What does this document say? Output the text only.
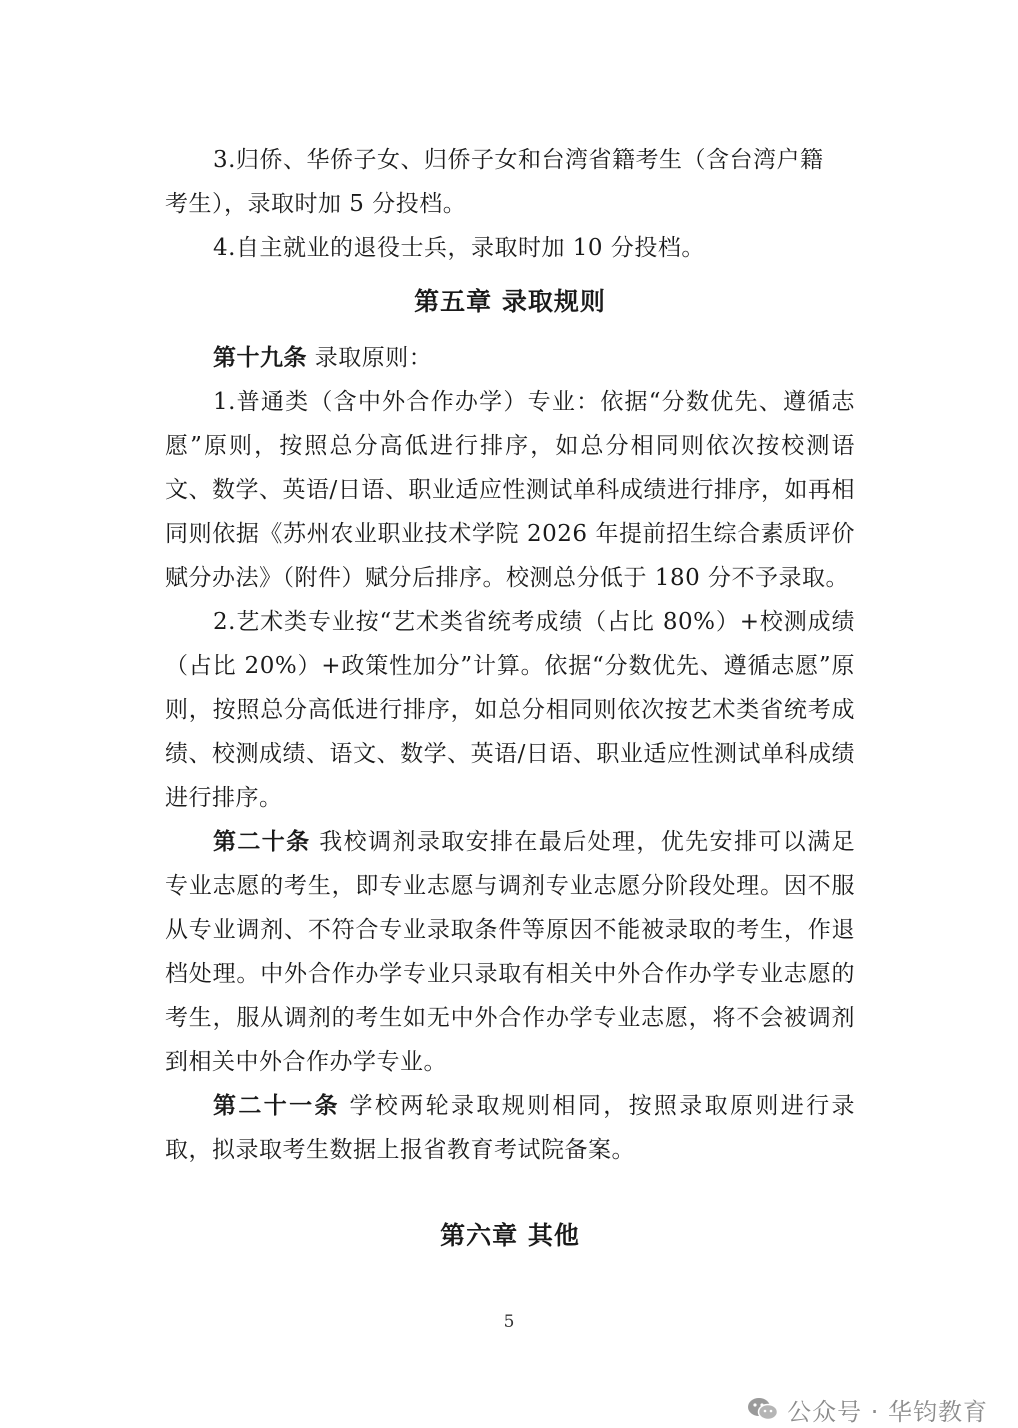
3.归侨、华侨子女、归侨子女和台湾省籍考生（含台湾户籍

考生），录取时加 5 分投档。

4.自主就业的退役士兵，录取时加 10 分投档。

第五章 录取规则

第十九条 录取原则：

1.普通类（含中外合作办学）专业：依据“分数优先、遵循志愿”原则，按照总分高低进行排序，如总分相同则依次按校测语文、数学、英语/日语、职业适应性测试单科成绩进行排序，如再相同则依据《苏州农业职业技术学院 2026 年提前招生综合素质评价赋分办法》（附件）赋分后排序。校测总分低于 180 分不予录取。

2.艺术类专业按“艺术类省统考成绩（占比 80%）+校测成绩（占比 20%）+政策性加分”计算。依据“分数优先、遵循志愿”原则，按照总分高低进行排序，如总分相同则依次按艺术类省统考成绩、校测成绩、语文、数学、英语/日语、职业适应性测试单科成绩进行排序。

第二十条 我校调剂录取安排在最后处理，优先安排可以满足专业志愿的考生，即专业志愿与调剂专业志愿分阶段处理。因不服从专业调剂、不符合专业录取条件等原因不能被录取的考生，作退档处理。中外合作办学专业只录取有相关中外合作办学专业志愿的考生，服从调剂的考生如无中外合作办学专业志愿，将不会被调剂到相关中外合作办学专业。

第二十一条 学校两轮录取规则相同，按照录取原则进行录取，拟录取考生数据上报省教育考试院备案。

第六章 其他
5
公众号 · 华钧教育
